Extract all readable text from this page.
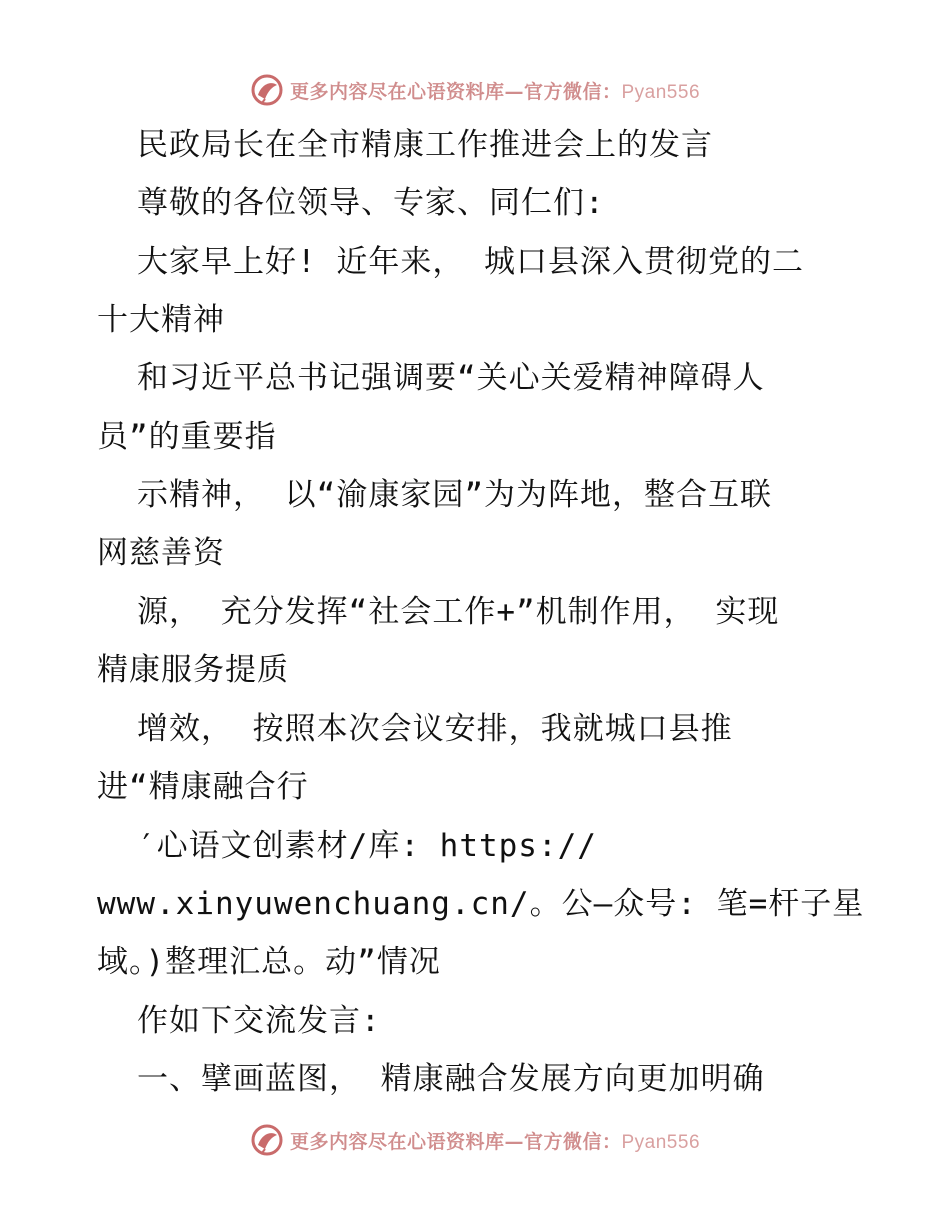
更多内容尽在心语资料库—官方微信：Pyan556
民政局长在全市精康工作推进会上的发言
尊敬的各位领导、专家、同仁们:
大家早上好! 近年来， 城口县深入贯彻党的二
十大精神
和习近平总书记强调要“关心关爱精神障碍人
员”的重要指
示精神， 以“渝康家园”为为阵地，整合互联
网慈善资
源， 充分发挥“社会工作+”机制作用， 实现
精康服务提质
增效， 按照本次会议安排，我就城口县推
进“精康融合行
′心语文创素材/库: https://
www.xinyuwenchuang.cn/。公—众号: 笔=杆子星
域。)整理汇总。动”情况
作如下交流发言:
一、擘画蓝图， 精康融合发展方向更加明确
更多内容尽在心语资料库—官方微信：Pyan556
